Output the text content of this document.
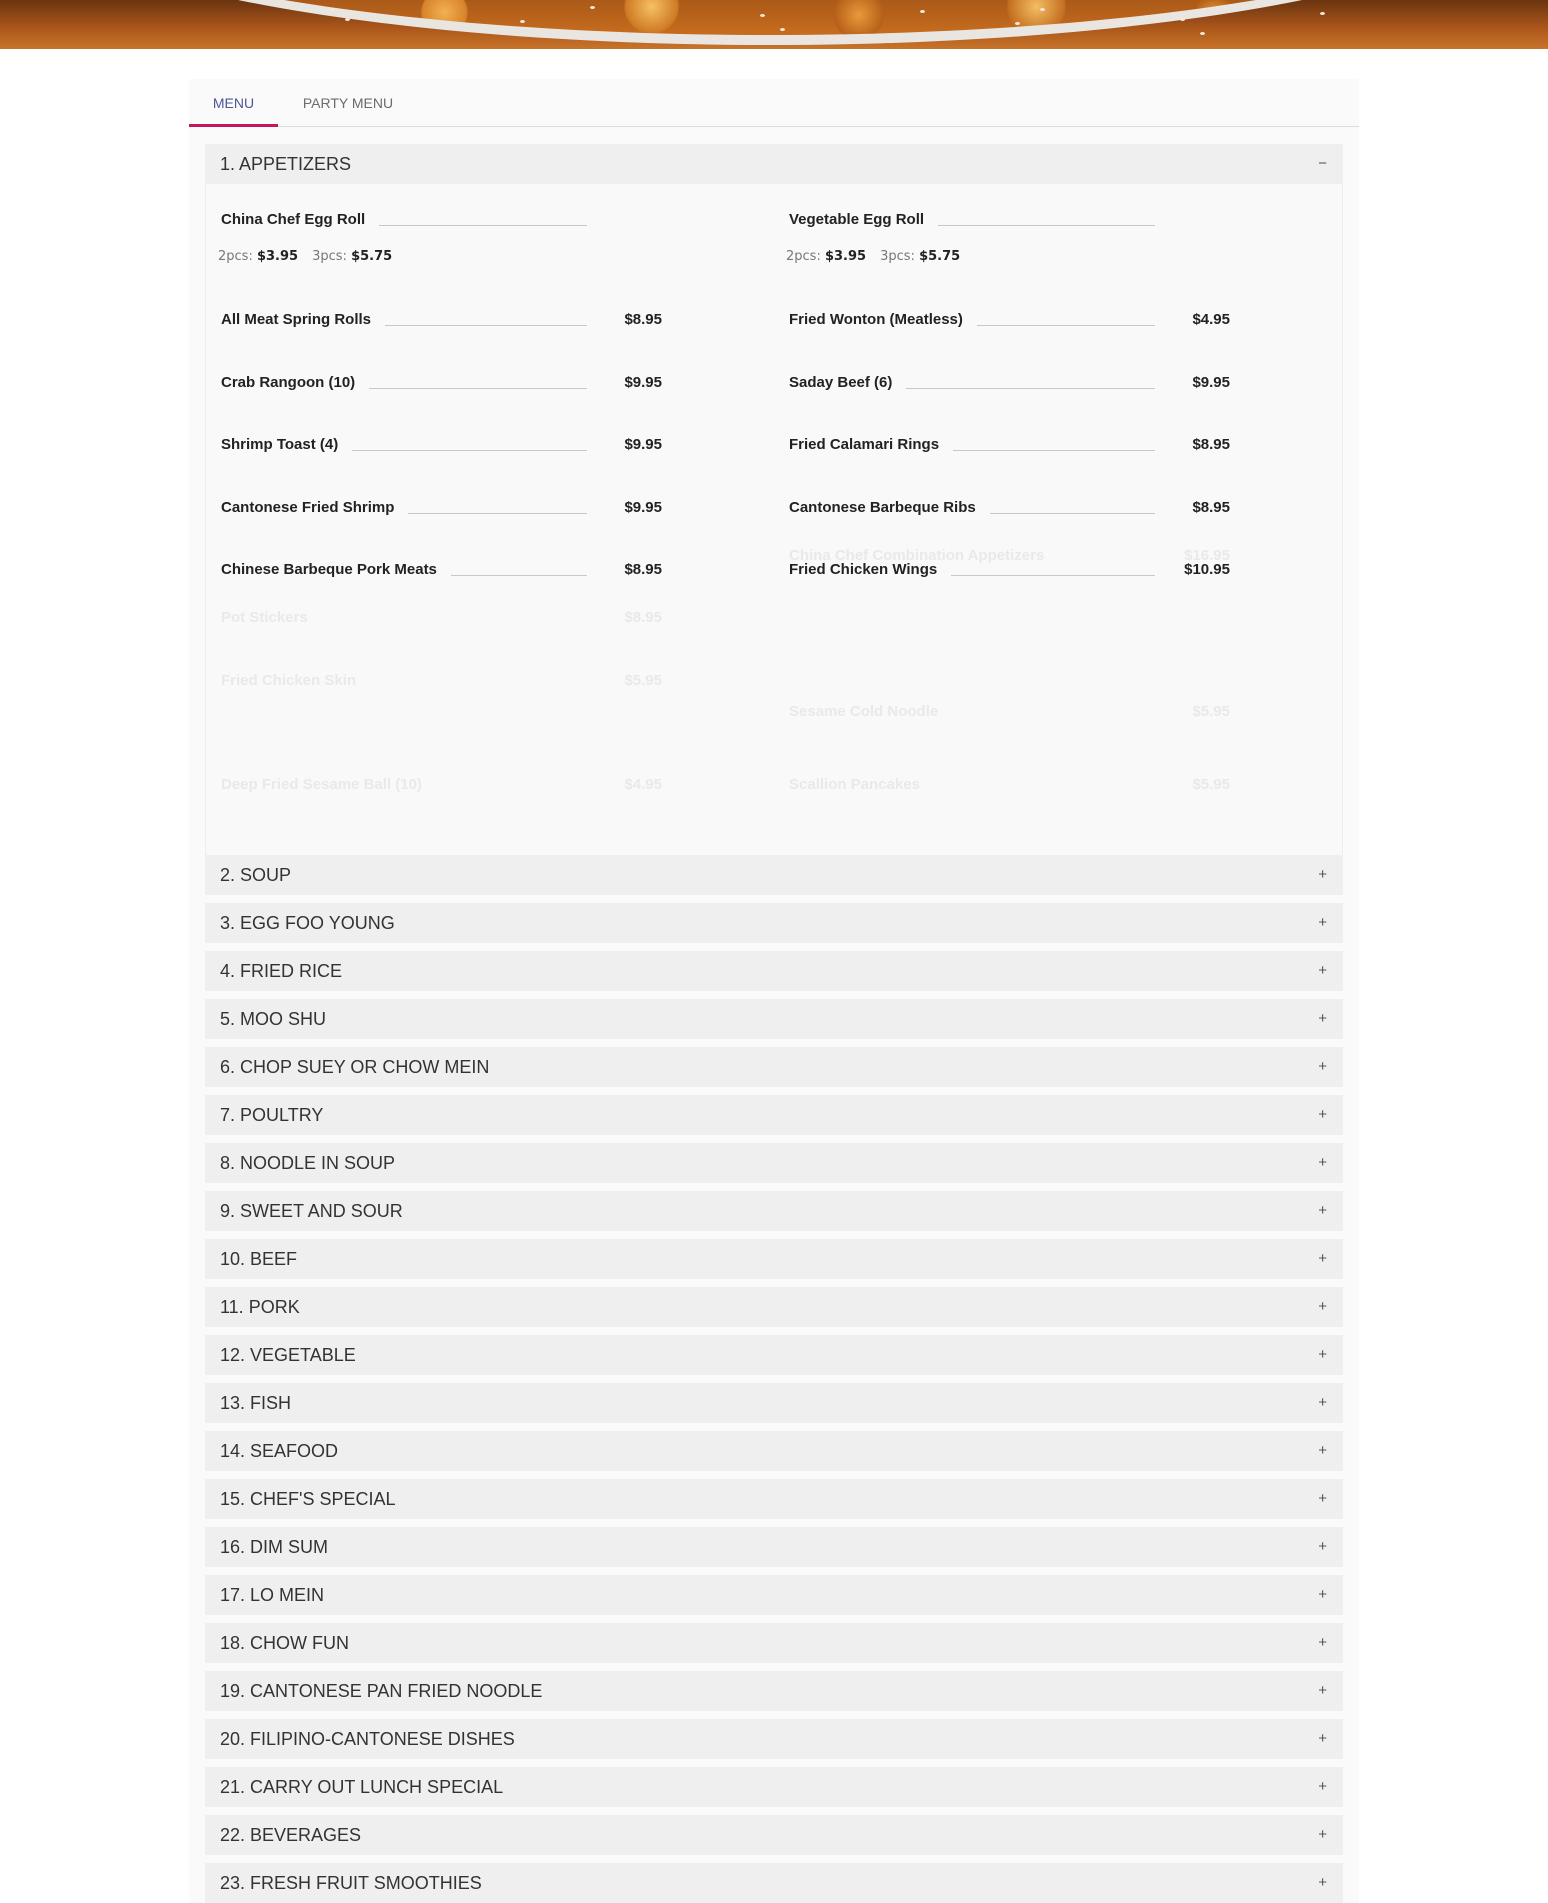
MENU	PARTY MENU
1. APPETIZERS	−
China Chef Egg Roll
2pcs: $3.95 3pcs: $5.75
All Meat Spring Rolls	$8.95
Crab Rangoon (10)	$9.95
Shrimp Toast (4)	$9.95
Cantonese Fried Shrimp	$9.95
Chinese Barbeque Pork Meats	$8.95
Vegetable Egg Roll
2pcs: $3.95 3pcs: $5.75
Fried Wonton (Meatless)	$4.95
Saday Beef (6)	$9.95
Fried Calamari Rings	$8.95
Cantonese Barbeque Ribs	$8.95
Fried Chicken Wings	$10.95
Pot Stickers	$8.95
Fried Chicken Skin	$5.95
Deep Fried Sesame Ball (10)	$4.95
China Chef Combination Appetizers	$16.95
Sesame Cold Noodle	$5.95
Scallion Pancakes	$5.95
2. SOUP	+
3. EGG FOO YOUNG	+
4. FRIED RICE	+
5. MOO SHU	+
6. CHOP SUEY OR CHOW MEIN	+
7. POULTRY	+
8. NOODLE IN SOUP	+
9. SWEET AND SOUR	+
10. BEEF	+
11. PORK	+
12. VEGETABLE	+
13. FISH	+
14. SEAFOOD	+
15. CHEF'S SPECIAL	+
16. DIM SUM	+
17. LO MEIN	+
18. CHOW FUN	+
19. CANTONESE PAN FRIED NOODLE	+
20. FILIPINO-CANTONESE DISHES	+
21. CARRY OUT LUNCH SPECIAL	+
22. BEVERAGES	+
23. FRESH FRUIT SMOOTHIES	+
